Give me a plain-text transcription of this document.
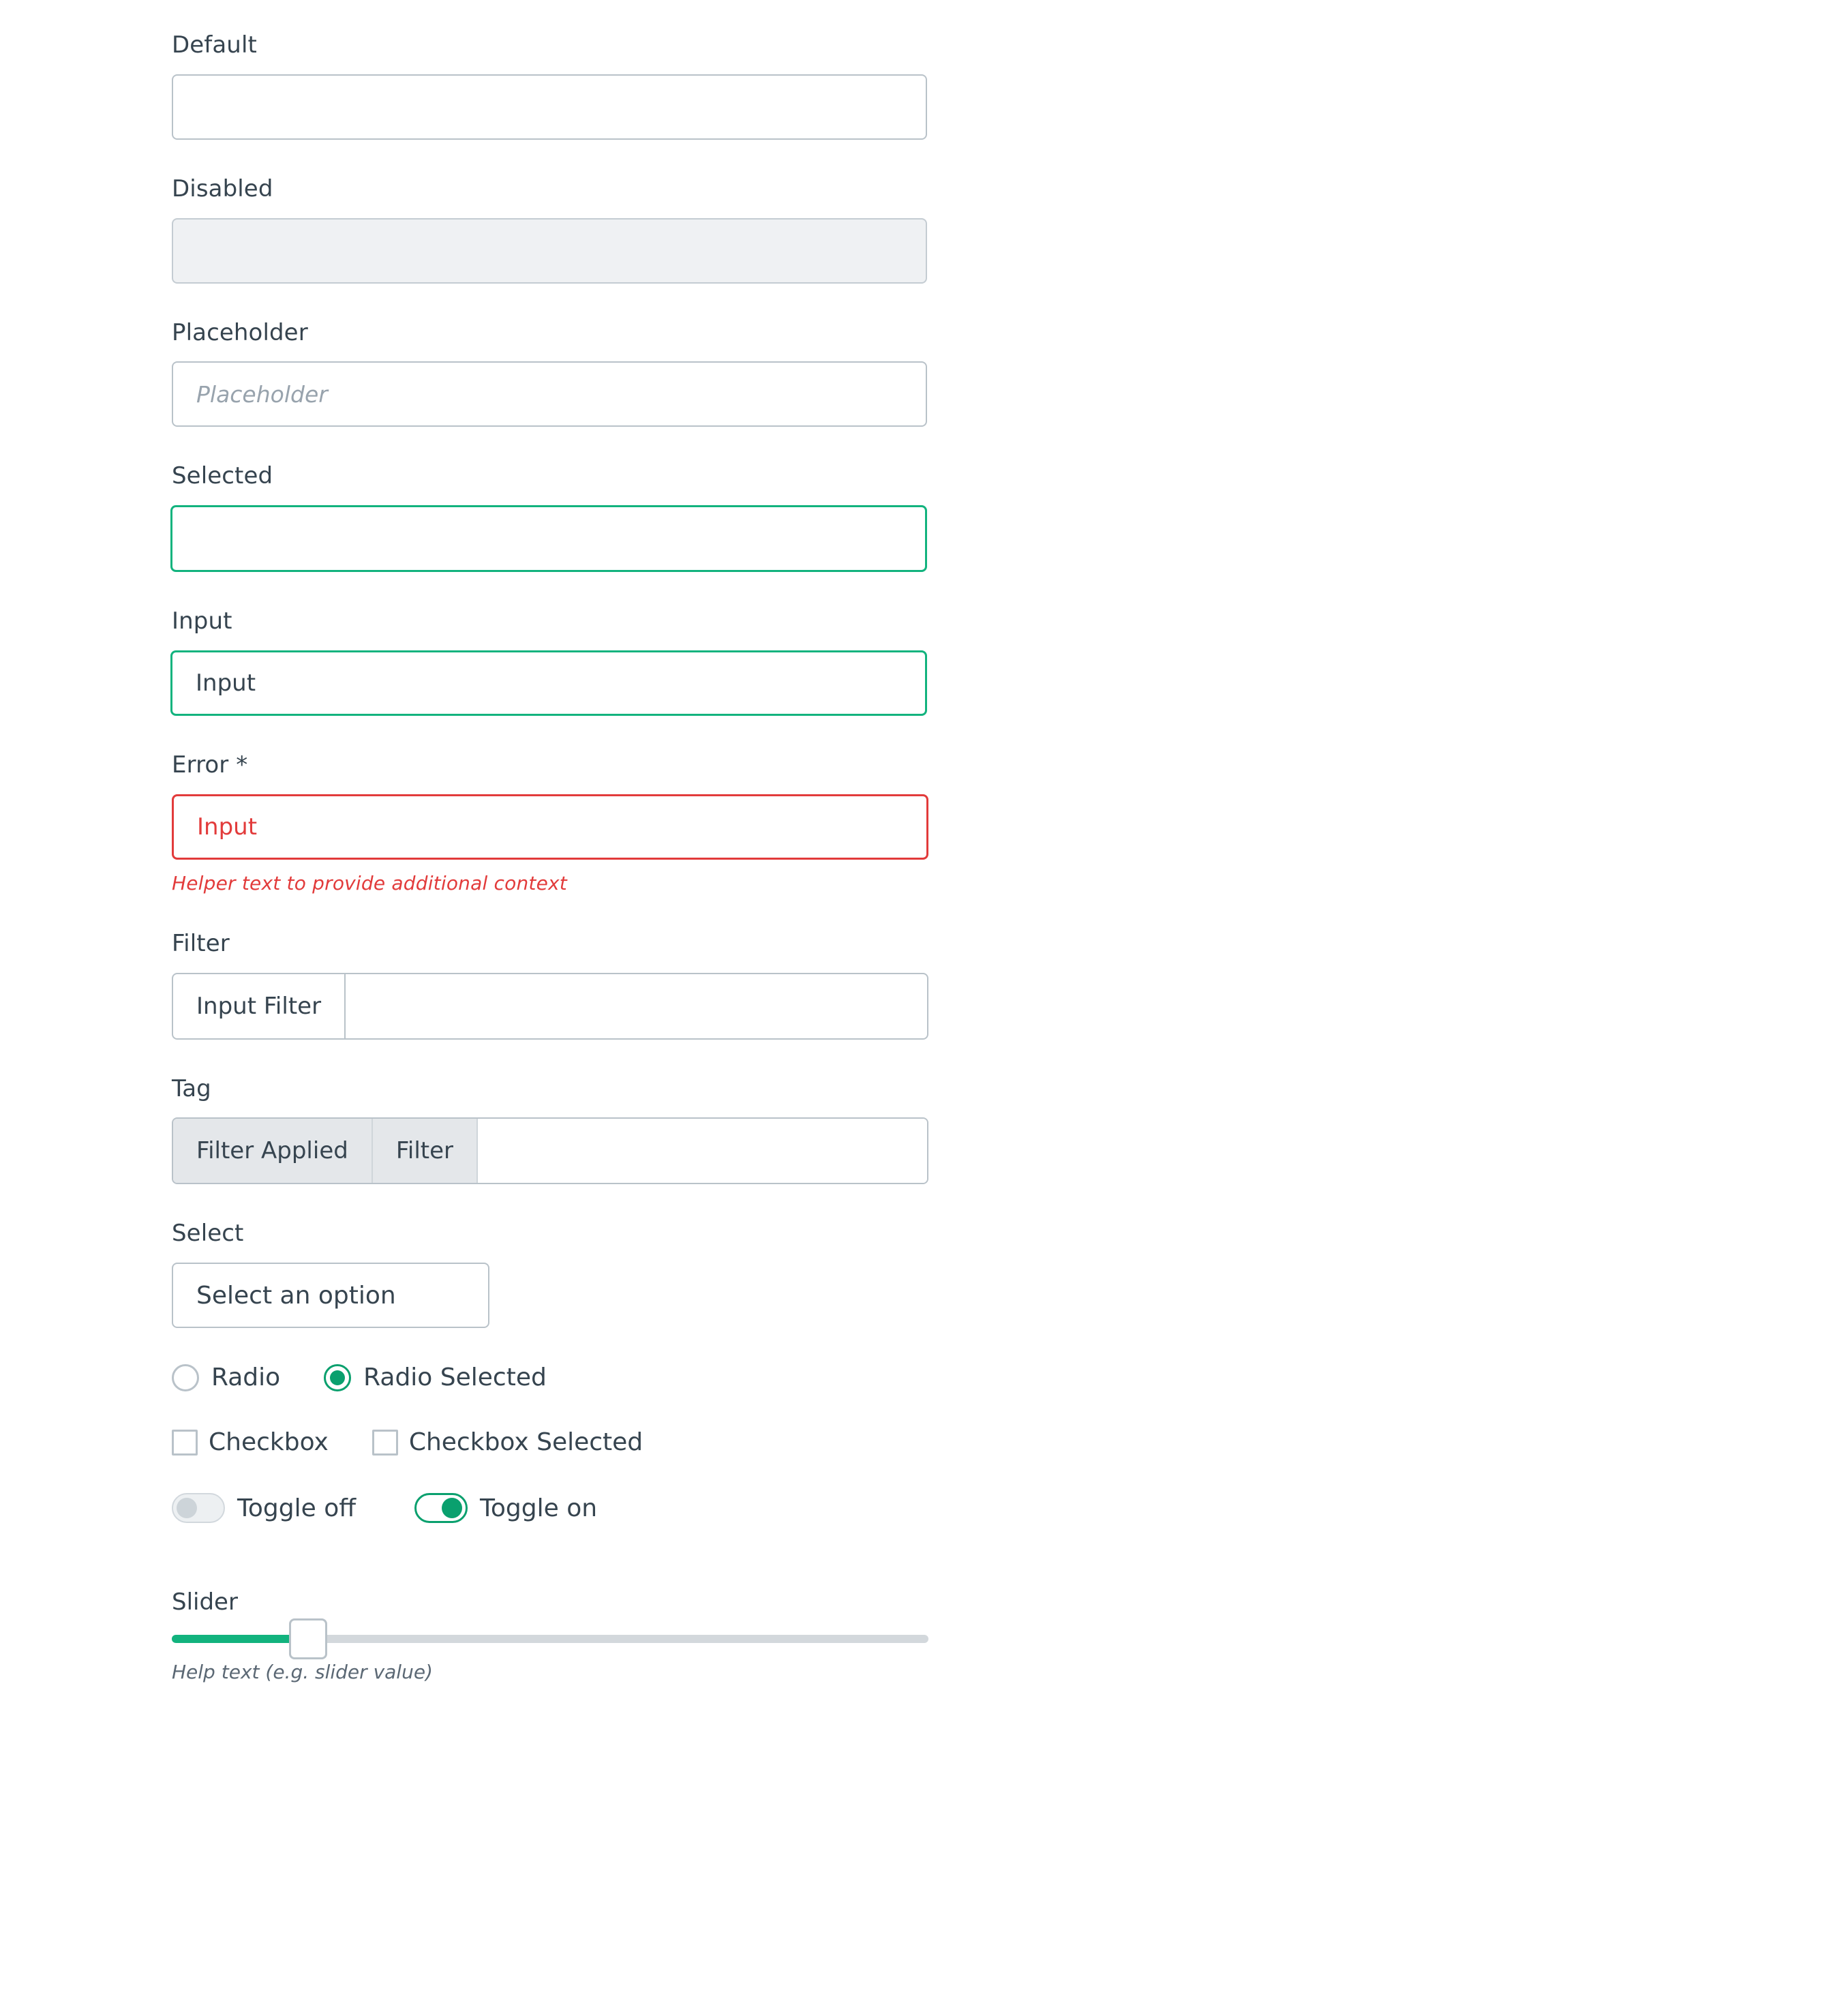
Default
Disabled
Placeholder
Placeholder
Selected
Input
Input
Error *
Input
Helper text to provide additional context
Filter
Input Filter
Tag
Filter Applied Filter
Select
Select an option
Radio	Radio Selected
Checkbox	Checkbox Selected
Toggle off	Toggle on
Slider
Help text (e.g. slider value)
